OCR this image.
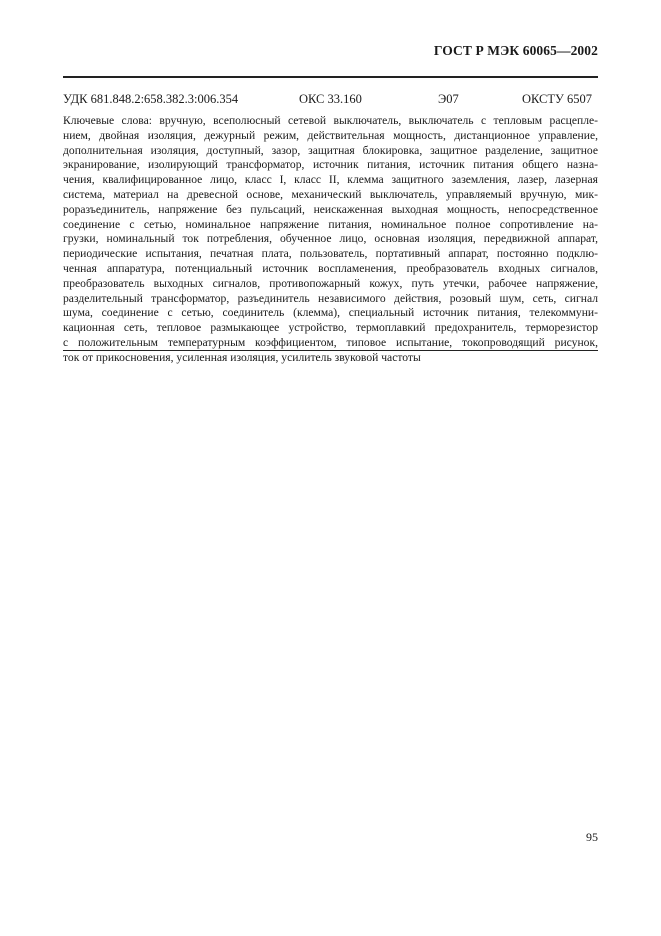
ГОСТ Р МЭК 60065—2002
УДК 681.848.2:658.382.3:006.354	ОКС 33.160	Э07	ОКСТУ 6507
Ключевые слова: вручную, всеполюсный сетевой выключатель, выключатель с тепловым расцепле-
нием, двойная изоляция, дежурный режим, действительная мощность, дистанционное управление,
дополнительная изоляция, доступный, зазор, защитная блокировка, защитное разделение, защитное
экранирование, изолирующий трансформатор, источник питания, источник питания общего назна-
чения, квалифицированное лицо, класс I, класс II, клемма защитного заземления, лазер, лазерная
система, материал на древесной основе, механический выключатель, управляемый вручную, мик-
роразъединитель, напряжение без пульсаций, неискаженная выходная мощность, непосредственное
соединение с сетью, номинальное напряжение питания, номинальное полное сопротивление на-
грузки, номинальный ток потребления, обученное лицо, основная изоляция, передвижной аппарат,
периодические испытания, печатная плата, пользователь, портативный аппарат, постоянно подклю-
ченная аппаратура, потенциальный источник воспламенения, преобразователь входных сигналов,
преобразователь выходных сигналов, противопожарный кожух, путь утечки, рабочее напряжение,
разделительный трансформатор, разъединитель независимого действия, розовый шум, сеть, сигнал
шума, соединение с сетью, соединитель (клемма), специальный источник питания, телекоммуни-
кационная сеть, тепловое размыкающее устройство, термоплавкий предохранитель, терморезистор
с положительным температурным коэффициентом, типовое испытание, токопроводящий рисунок,
ток от прикосновения, усиленная изоляция, усилитель звуковой частоты
95
